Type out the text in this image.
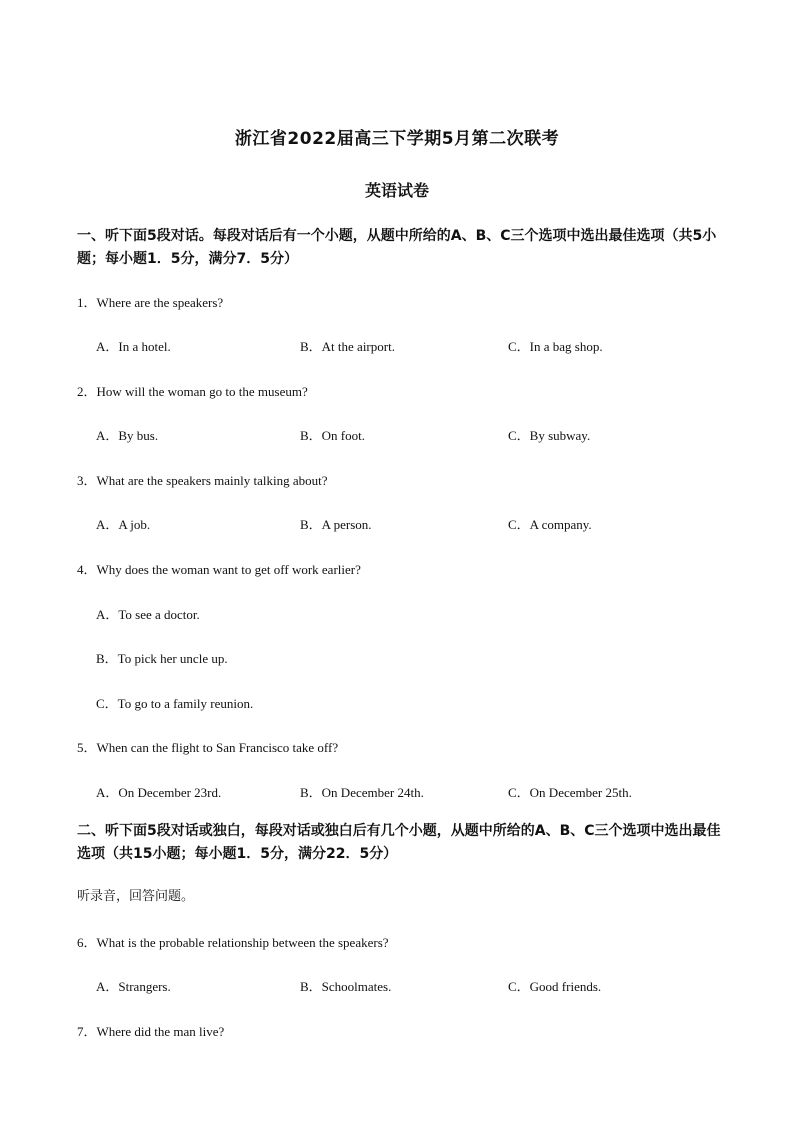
浙江省2022届高三下学期5月第二次联考
英语试卷
一、听下面5段对话。每段对话后有一个小题，从题中所给的A、B、C三个选项中选出最佳选项（共5小题；每小题1．5分，满分7．5分）
1．Where are the speakers?
A．In a hotel.	B．At the airport.	C．In a bag shop.
2．How will the woman go to the museum?
A．By bus.	B．On foot.	C．By subway.
3．What are the speakers mainly talking about?
A．A job.	B．A person.	C．A company.
4．Why does the woman want to get off work earlier?
A．To see a doctor.
B．To pick her uncle up.
C．To go to a family reunion.
5．When can the flight to San Francisco take off?
A．On December 23rd.	B．On December 24th.	C．On December 25th.
二、听下面5段对话或独白，每段对话或独白后有几个小题，从题中所给的A、B、C三个选项中选出最佳选项（共15小题；每小题1．5分，满分22．5分）
听录音，回答问题。
6．What is the probable relationship between the speakers?
A．Strangers.	B．Schoolmates.	C．Good friends.
7．Where did the man live?
